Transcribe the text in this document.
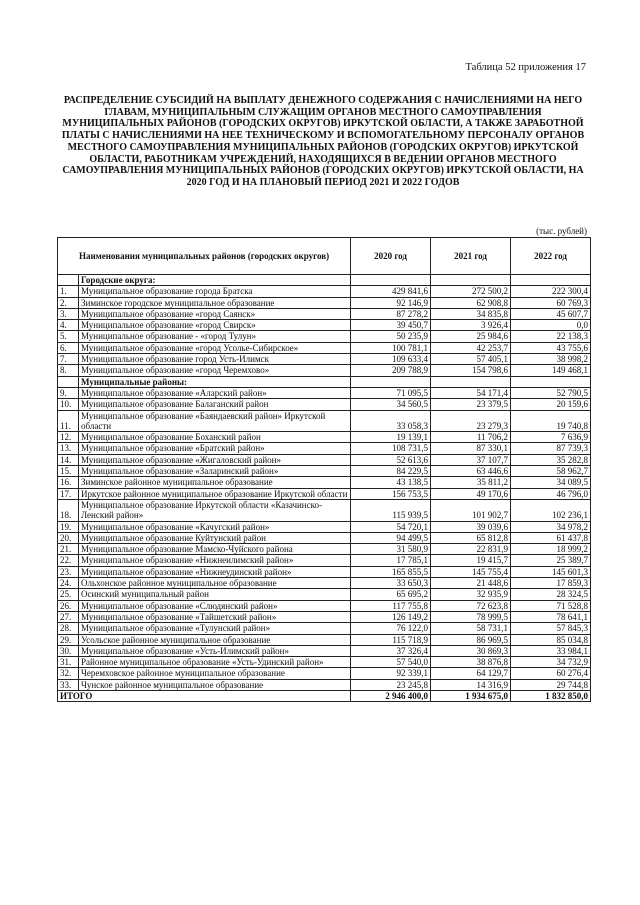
Таблица 52 приложения 17
РАСПРЕДЕЛЕНИЕ СУБСИДИЙ НА ВЫПЛАТУ ДЕНЕЖНОГО СОДЕРЖАНИЯ С НАЧИСЛЕНИЯМИ НА НЕГО ГЛАВАМ, МУНИЦИПАЛЬНЫМ СЛУЖАЩИМ ОРГАНОВ МЕСТНОГО САМОУПРАВЛЕНИЯ МУНИЦИПАЛЬНЫХ РАЙОНОВ (ГОРОДСКИХ ОКРУГОВ) ИРКУТСКОЙ ОБЛАСТИ, А ТАКЖЕ ЗАРАБОТНОЙ ПЛАТЫ С НАЧИСЛЕНИЯМИ НА НЕЕ ТЕХНИЧЕСКОМУ И ВСПОМОГАТЕЛЬНОМУ ПЕРСОНАЛУ ОРГАНОВ МЕСТНОГО САМОУПРАВЛЕНИЯ МУНИЦИПАЛЬНЫХ РАЙОНОВ (ГОРОДСКИХ ОКРУГОВ) ИРКУТСКОЙ ОБЛАСТИ, РАБОТНИКАМ УЧРЕЖДЕНИЙ, НАХОДЯЩИХСЯ В ВЕДЕНИИ ОРГАНОВ МЕСТНОГО САМОУПРАВЛЕНИЯ МУНИЦИПАЛЬНЫХ РАЙОНОВ (ГОРОДСКИХ ОКРУГОВ) ИРКУТСКОЙ ОБЛАСТИ, НА 2020 ГОД И НА ПЛАНОВЫЙ ПЕРИОД 2021 И 2022 ГОДОВ
(тыс. рублей)
Наименования муниципальных районов (городских округов)		2020 год	2021 год	2022 год
	Городские округа:			
1.	Муниципальное образование города Братска	429 841,6	272 500,2	222 300,4
2.	Зиминское городское муниципальное образование	92 146,9	62 908,8	60 769,3
3.	Муниципальное образование «город Саянск»	87 278,2	34 835,8	45 607,7
4.	Муниципальное образование «город Свирск»	39 450,7	3 926,4	0,0
5.	Муниципальное образование - «город Тулун»	50 235,9	25 984,6	22 138,3
6.	Муниципальное образование «город Усолье-Сибирское»	100 781,1	42 253,7	43 755,6
7.	Муниципальное образование город Усть-Илимск	109 633,4	57 405,1	38 998,2
8.	Муниципальное образование «город Черемхово»	209 788,9	154 798,6	149 468,1
	Муниципальные районы:			
9.	Муниципальное образование «Аларский район»	71 095,5	54 171,4	52 790,5
10.	Муниципальное образование Балаганский район	34 560,5	23 379,5	20 159,6
11.	Муниципальное образование «Баяндаевский район» Иркутской области	33 058,3	23 279,3	19 740,8
12.	Муниципальное образование Боханский район	19 139,1	11 706,2	7 636,9
13.	Муниципальное образование «Братский район»	108 731,5	87 330,1	87 739,3
14.	Муниципальное образование «Жигаловский район»	52 613,6	37 107,7	35 282,8
15.	Муниципальное образование «Заларинский район»	84 229,5	63 446,6	58 962,7
16.	Зиминское районное муниципальное образование	43 138,5	35 811,2	34 089,5
17.	Иркутское районное муниципальное образование Иркутской области	156 753,5	49 170,6	46 796,0
18.	Муниципальное образование Иркутской области «Казачинско-Ленский район»	115 939,5	101 902,7	102 236,1
19.	Муниципальное образование «Качугский район»	54 720,1	39 039,6	34 978,2
20.	Муниципальное образование Куйтунский район	94 499,5	65 812,8	61 437,8
21.	Муниципальное образование Мамско-Чуйского района	31 580,9	22 831,9	18 999,2
22.	Муниципальное образование «Нижнеилимский район»	17 785,1	19 415,7	25 389,7
23.	Муниципальное образование «Нижнеудинский район»	165 855,5	145 755,4	145 601,3
24.	Ольхонское районное муниципальное образование	33 650,3	21 448,6	17 859,3
25.	Осинский муниципальный район	65 695,2	32 935,9	28 324,5
26.	Муниципальное образование «Слюдянский район»	117 755,8	72 623,8	71 528,8
27.	Муниципальное образование «Тайшетский район»	126 149,2	78 999,5	78 641,1
28.	Муниципальное образование «Тулунский район»	76 122,0	58 731,1	57 845,3
29.	Усольское районное муниципальное образование	115 718,9	86 969,5	85 034,8
30.	Муниципальное образование «Усть-Илимский район»	37 326,4	30 869,3	33 984,1
31.	Районное муниципальное образование «Усть-Удинский район»	57 540,0	38 876,8	34 732,9
32.	Черемховское районное муниципальное образование	92 339,1	64 129,7	60 276,4
33.	Чунское районное муниципальное образование	23 245,8	14 316,9	29 744,8
ИТОГО		2 946 400,0	1 934 675,0	1 832 850,0
